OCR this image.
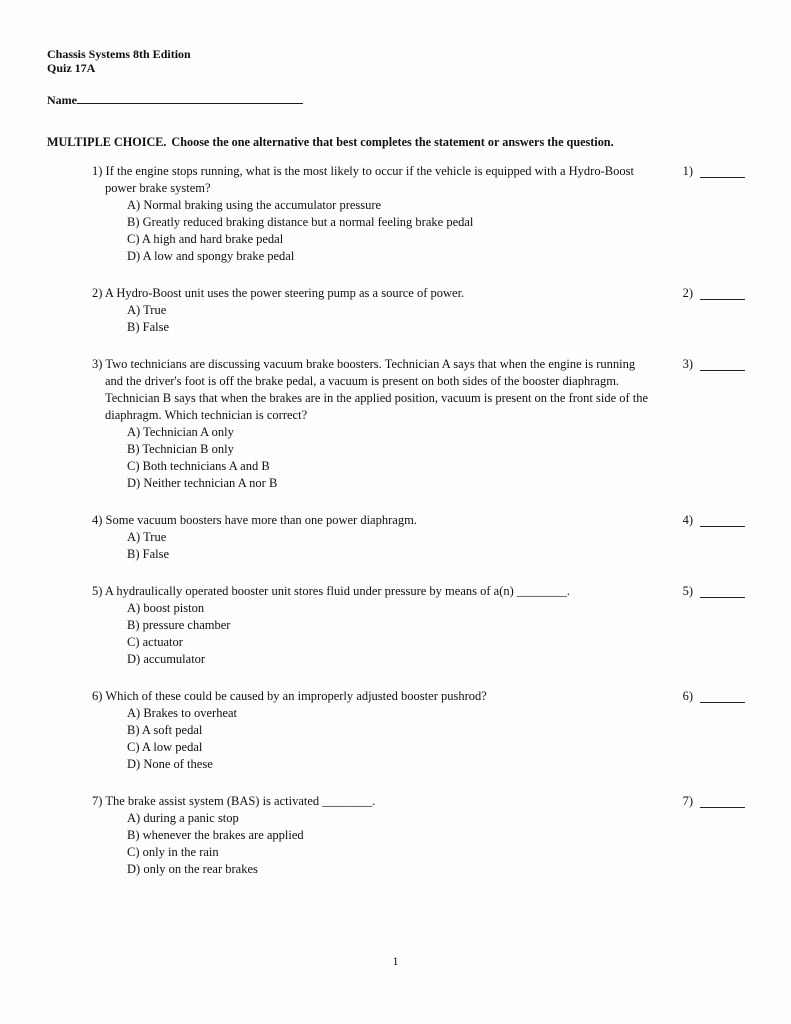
Chassis Systems 8th Edition
Quiz 17A
Name
MULTIPLE CHOICE. Choose the one alternative that best completes the statement or answers the question.
1) If the engine stops running, what is the most likely to occur if the vehicle is equipped with a Hydro-Boost power brake system?
A) Normal braking using the accumulator pressure
B) Greatly reduced braking distance but a normal feeling brake pedal
C) A high and hard brake pedal
D) A low and spongy brake pedal
1)
2) A Hydro-Boost unit uses the power steering pump as a source of power.
A) True
B) False
2)
3) Two technicians are discussing vacuum brake boosters. Technician A says that when the engine is running and the driver's foot is off the brake pedal, a vacuum is present on both sides of the booster diaphragm. Technician B says that when the brakes are in the applied position, vacuum is present on the front side of the diaphragm. Which technician is correct?
A) Technician A only
B) Technician B only
C) Both technicians A and B
D) Neither technician A nor B
3)
4) Some vacuum boosters have more than one power diaphragm.
A) True
B) False
4)
5) A hydraulically operated booster unit stores fluid under pressure by means of a(n) ________.
A) boost piston
B) pressure chamber
C) actuator
D) accumulator
5)
6) Which of these could be caused by an improperly adjusted booster pushrod?
A) Brakes to overheat
B) A soft pedal
C) A low pedal
D) None of these
6)
7) The brake assist system (BAS) is activated ________.
A) during a panic stop
B) whenever the brakes are applied
C) only in the rain
D) only on the rear brakes
7)
1
